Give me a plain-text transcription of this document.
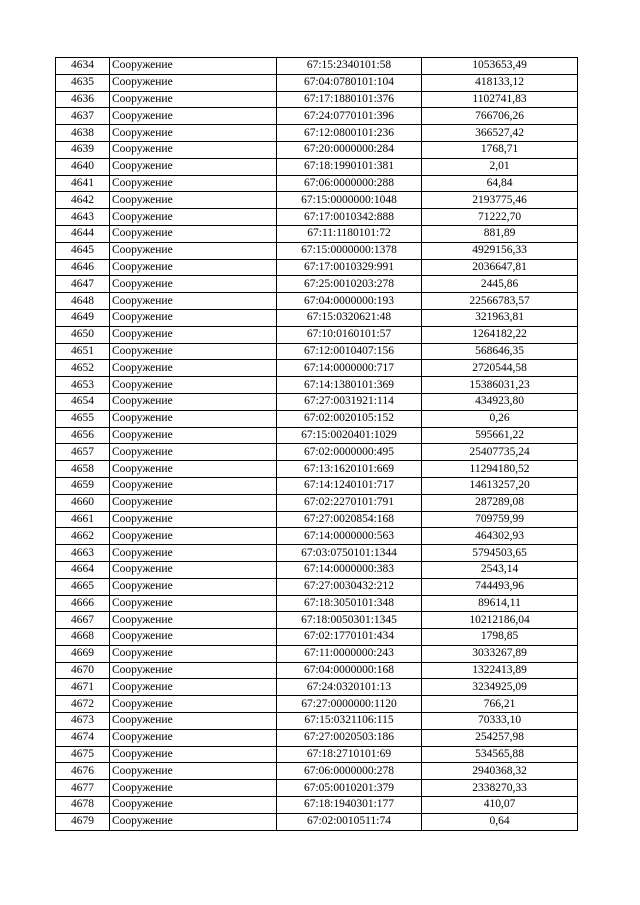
4634	Сооружение	67:15:2340101:58	1053653,49
4635	Сооружение	67:04:0780101:104	418133,12
4636	Сооружение	67:17:1880101:376	1102741,83
4637	Сооружение	67:24:0770101:396	766706,26
4638	Сооружение	67:12:0800101:236	366527,42
4639	Сооружение	67:20:0000000:284	1768,71
4640	Сооружение	67:18:1990101:381	2,01
4641	Сооружение	67:06:0000000:288	64,84
4642	Сооружение	67:15:0000000:1048	2193775,46
4643	Сооружение	67:17:0010342:888	71222,70
4644	Сооружение	67:11:1180101:72	881,89
4645	Сооружение	67:15:0000000:1378	4929156,33
4646	Сооружение	67:17:0010329:991	2036647,81
4647	Сооружение	67:25:0010203:278	2445,86
4648	Сооружение	67:04:0000000:193	22566783,57
4649	Сооружение	67:15:0320621:48	321963,81
4650	Сооружение	67:10:0160101:57	1264182,22
4651	Сооружение	67:12:0010407:156	568646,35
4652	Сооружение	67:14:0000000:717	2720544,58
4653	Сооружение	67:14:1380101:369	15386031,23
4654	Сооружение	67:27:0031921:114	434923,80
4655	Сооружение	67:02:0020105:152	0,26
4656	Сооружение	67:15:0020401:1029	595661,22
4657	Сооружение	67:02:0000000:495	25407735,24
4658	Сооружение	67:13:1620101:669	11294180,52
4659	Сооружение	67:14:1240101:717	14613257,20
4660	Сооружение	67:02:2270101:791	287289,08
4661	Сооружение	67:27:0020854:168	709759,99
4662	Сооружение	67:14:0000000:563	464302,93
4663	Сооружение	67:03:0750101:1344	5794503,65
4664	Сооружение	67:14:0000000:383	2543,14
4665	Сооружение	67:27:0030432:212	744493,96
4666	Сооружение	67:18:3050101:348	89614,11
4667	Сооружение	67:18:0050301:1345	10212186,04
4668	Сооружение	67:02:1770101:434	1798,85
4669	Сооружение	67:11:0000000:243	3033267,89
4670	Сооружение	67:04:0000000:168	1322413,89
4671	Сооружение	67:24:0320101:13	3234925,09
4672	Сооружение	67:27:0000000:1120	766,21
4673	Сооружение	67:15:0321106:115	70333,10
4674	Сооружение	67:27:0020503:186	254257,98
4675	Сооружение	67:18:2710101:69	534565,88
4676	Сооружение	67:06:0000000:278	2940368,32
4677	Сооружение	67:05:0010201:379	2338270,33
4678	Сооружение	67:18:1940301:177	410,07
4679	Сооружение	67:02:0010511:74	0,64
